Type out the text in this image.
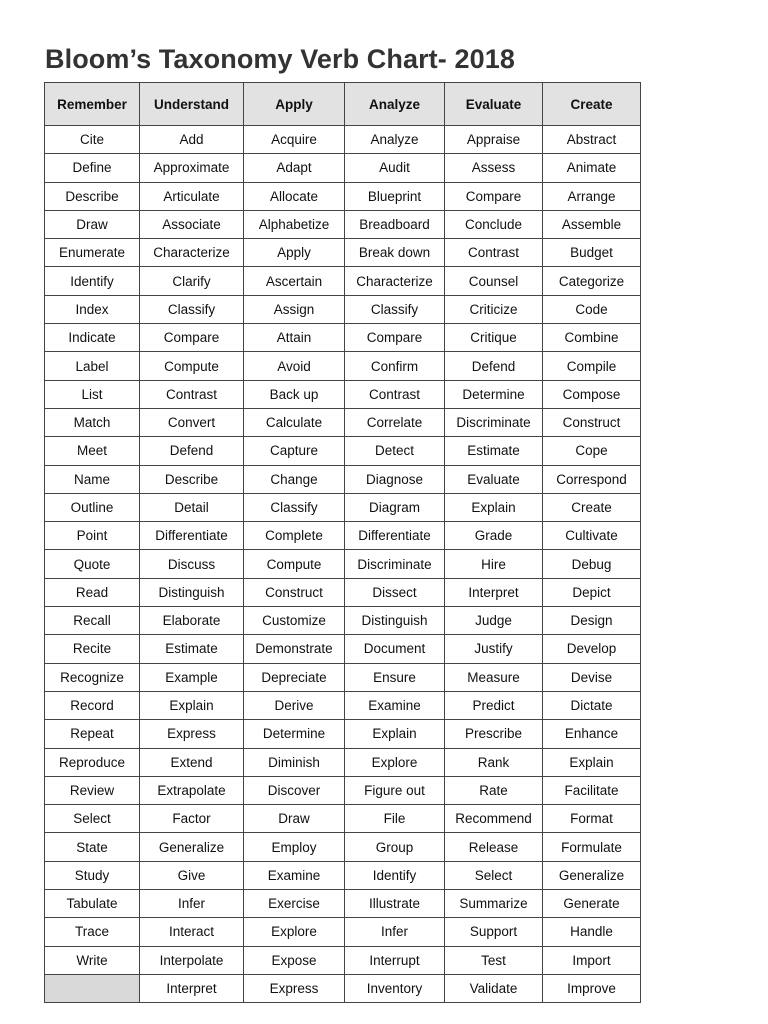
Bloom’s Taxonomy Verb Chart- 2018
Remember	Understand	Apply	Analyze	Evaluate	Create
Cite	Add	Acquire	Analyze	Appraise	Abstract
Define	Approximate	Adapt	Audit	Assess	Animate
Describe	Articulate	Allocate	Blueprint	Compare	Arrange
Draw	Associate	Alphabetize	Breadboard	Conclude	Assemble
Enumerate	Characterize	Apply	Break down	Contrast	Budget
Identify	Clarify	Ascertain	Characterize	Counsel	Categorize
Index	Classify	Assign	Classify	Criticize	Code
Indicate	Compare	Attain	Compare	Critique	Combine
Label	Compute	Avoid	Confirm	Defend	Compile
List	Contrast	Back up	Contrast	Determine	Compose
Match	Convert	Calculate	Correlate	Discriminate	Construct
Meet	Defend	Capture	Detect	Estimate	Cope
Name	Describe	Change	Diagnose	Evaluate	Correspond
Outline	Detail	Classify	Diagram	Explain	Create
Point	Differentiate	Complete	Differentiate	Grade	Cultivate
Quote	Discuss	Compute	Discriminate	Hire	Debug
Read	Distinguish	Construct	Dissect	Interpret	Depict
Recall	Elaborate	Customize	Distinguish	Judge	Design
Recite	Estimate	Demonstrate	Document	Justify	Develop
Recognize	Example	Depreciate	Ensure	Measure	Devise
Record	Explain	Derive	Examine	Predict	Dictate
Repeat	Express	Determine	Explain	Prescribe	Enhance
Reproduce	Extend	Diminish	Explore	Rank	Explain
Review	Extrapolate	Discover	Figure out	Rate	Facilitate
Select	Factor	Draw	File	Recommend	Format
State	Generalize	Employ	Group	Release	Formulate
Study	Give	Examine	Identify	Select	Generalize
Tabulate	Infer	Exercise	Illustrate	Summarize	Generate
Trace	Interact	Explore	Infer	Support	Handle
Write	Interpolate	Expose	Interrupt	Test	Import
	Interpret	Express	Inventory	Validate	Improve
